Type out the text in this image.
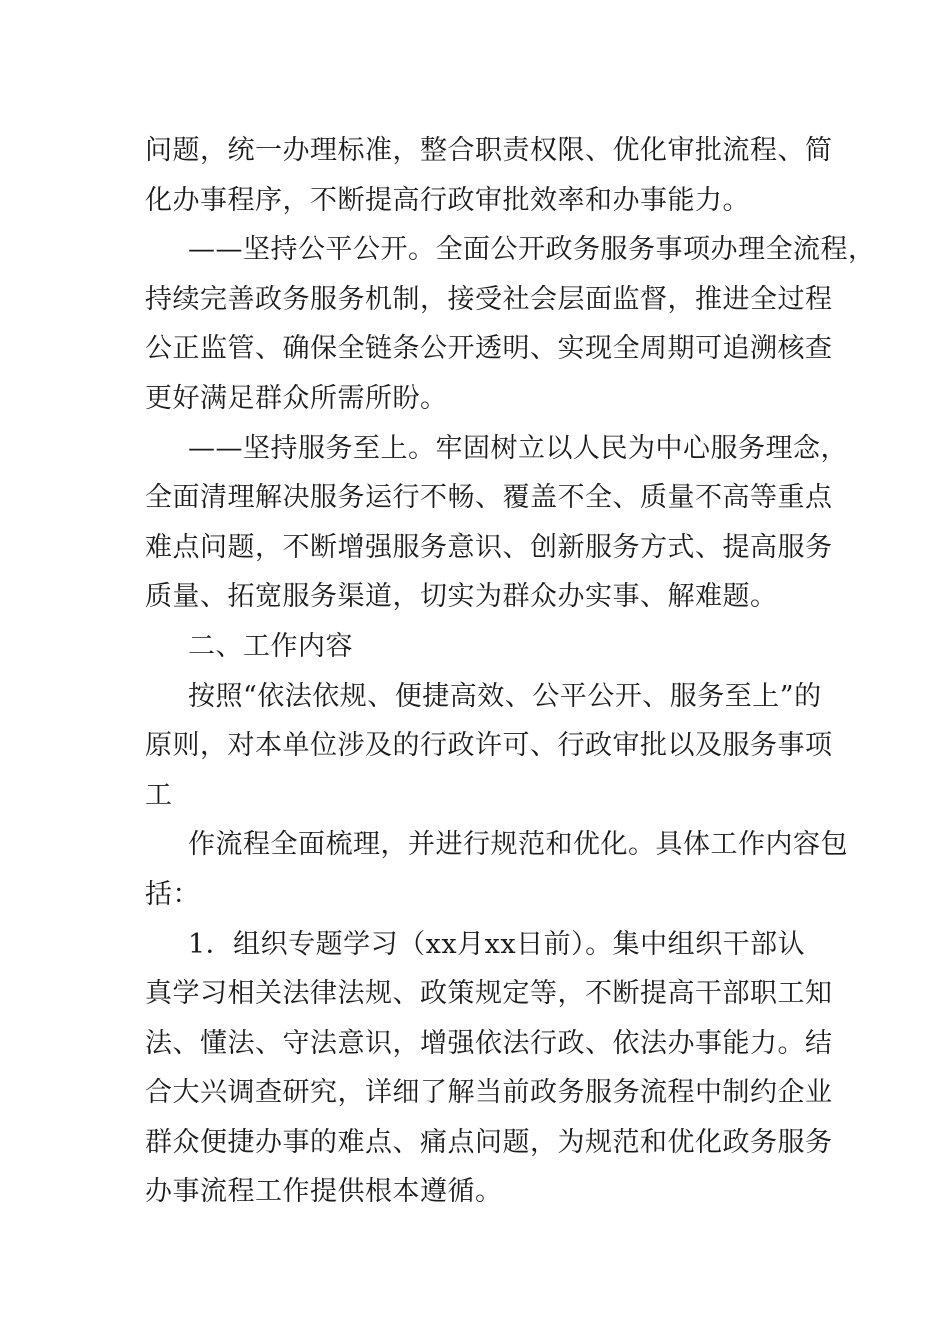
问题，统一办理标准，整合职责权限、优化审批流程、简
化办事程序，不断提高行政审批效率和办事能力。
——坚持公平公开。全面公开政务服务事项办理全流程，
持续完善政务服务机制，接受社会层面监督，推进全过程
公正监管、确保全链条公开透明、实现全周期可追溯核查
更好满足群众所需所盼。
——坚持服务至上。牢固树立以人民为中心服务理念，
全面清理解决服务运行不畅、覆盖不全、质量不高等重点
难点问题，不断增强服务意识、创新服务方式、提高服务
质量、拓宽服务渠道，切实为群众办实事、解难题。
二、工作内容
按照“依法依规、便捷高效、公平公开、服务至上”的
原则，对本单位涉及的行政许可、行政审批以及服务事项
工
作流程全面梳理，并进行规范和优化。具体工作内容包
括：
1．组织专题学习（xx月xx日前）。集中组织干部认
真学习相关法律法规、政策规定等，不断提高干部职工知
法、懂法、守法意识，增强依法行政、依法办事能力。结
合大兴调查研究，详细了解当前政务服务流程中制约企业
群众便捷办事的难点、痛点问题，为规范和优化政务服务
办事流程工作提供根本遵循。
